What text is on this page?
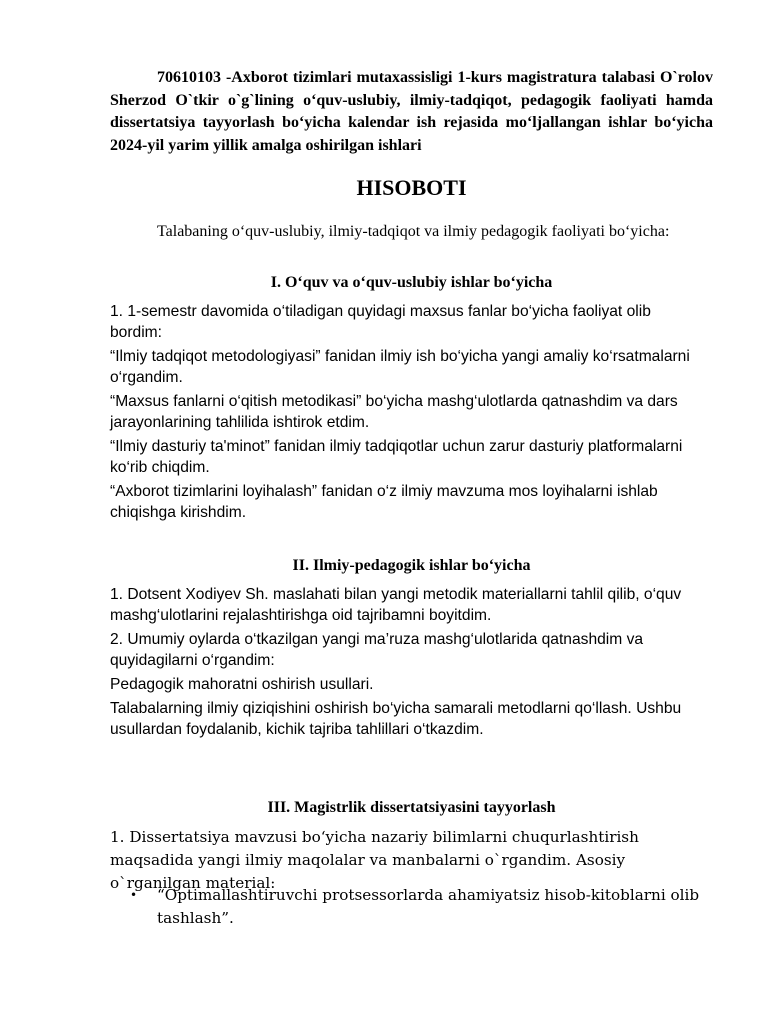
70610103 -Axborot tizimlari mutaxassisligi 1-kurs magistratura talabasi O`rolov Sherzod O`tkir o`g`lining o‘quv-uslubiy, ilmiy-tadqiqot, pedagogik faoliyati hamda dissertatsiya tayyorlash bo‘yicha kalendar ish rejasida mo‘ljallangan ishlar bo‘yicha 2024-yil yarim yillik amalga oshirilgan ishlari

HISOBOTI

Talabaning o‘quv-uslubiy, ilmiy-tadqiqot va ilmiy pedagogik faoliyati bo‘yicha:

I. O‘quv va o‘quv-uslubiy ishlar bo‘yicha

1. 1-semestr davomida o‘tiladigan quyidagi maxsus fanlar bo‘yicha faoliyat olib bordim:

“Ilmiy tadqiqot metodologiyasi” fanidan ilmiy ish bo‘yicha yangi amaliy ko‘rsatmalarni o‘rgandim.

“Maxsus fanlarni o‘qitish metodikasi” bo‘yicha mashg‘ulotlarda qatnashdim va dars jarayonlarining tahlilida ishtirok etdim.

“Ilmiy dasturiy ta'minot” fanidan ilmiy tadqiqotlar uchun zarur dasturiy platformalarni ko‘rib chiqdim.

“Axborot tizimlarini loyihalash” fanidan o‘z ilmiy mavzuma mos loyihalarni ishlab chiqishga kirishdim.

II. Ilmiy-pedagogik ishlar bo‘yicha

1. Dotsent Xodiyev Sh. maslahati bilan yangi metodik materiallarni tahlil qilib, o‘quv mashg‘ulotlarini rejalashtirishga oid tajribamni boyitdim.

2. Umumiy oylarda o‘tkazilgan yangi ma’ruza mashg‘ulotlarida qatnashdim va quyidagilarni o‘rgandim:

Pedagogik mahoratni oshirish usullari.

Talabalarning ilmiy qiziqishini oshirish bo‘yicha samarali metodlarni qo‘llash. Ushbu usullardan foydalanib, kichik tajriba tahlillari o‘tkazdim.

III. Magistrlik dissertatsiyasini tayyorlash

1. Dissertatsiya mavzusi boʻyicha nazariy bilimlarni chuqurlashtirish maqsadida yangi ilmiy maqolalar va manbalarni o`rgandim. Asosiy o`rganilgan material:

• “Optimallashtiruvchi protsessorlarda ahamiyatsiz hisob-kitoblarni olib tashlash”.
